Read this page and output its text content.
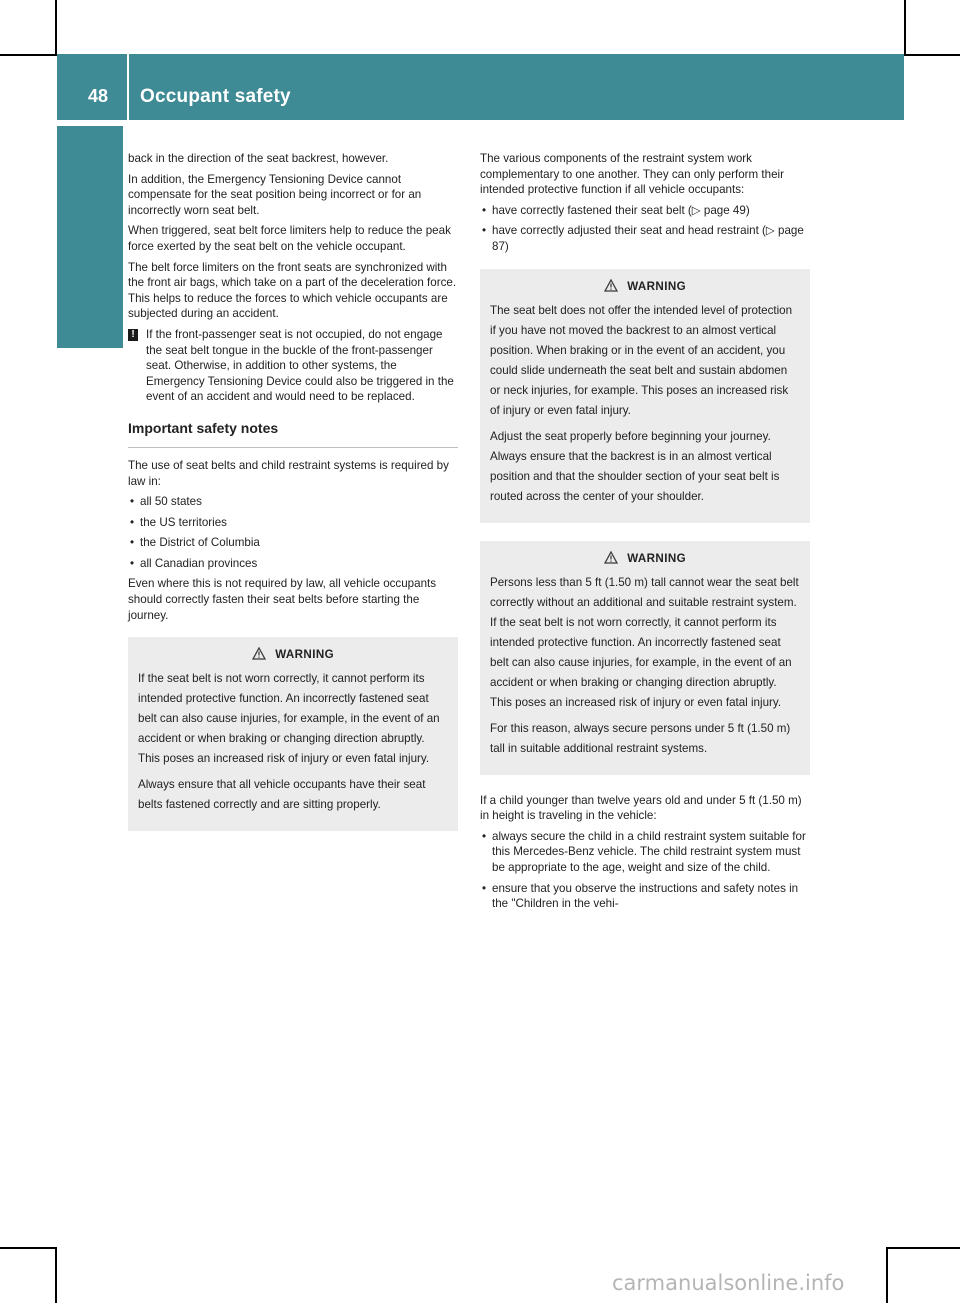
48 Occupant safety
Safety

back in the direction of the seat backrest, however.

In addition, the Emergency Tensioning Device cannot compensate for the seat position being incorrect or for an incorrectly worn seat belt.

When triggered, seat belt force limiters help to reduce the peak force exerted by the seat belt on the vehicle occupant.

The belt force limiters on the front seats are synchronized with the front air bags, which take on a part of the deceleration force. This helps to reduce the forces to which vehicle occupants are subjected during an accident.

! If the front-passenger seat is not occupied, do not engage the seat belt tongue in the buckle of the front-passenger seat. Otherwise, in addition to other systems, the Emergency Tensioning Device could also be triggered in the event of an accident and would need to be replaced.
Important safety notes

The use of seat belts and child restraint systems is required by law in:

• all 50 states
• the US territories
• the District of Columbia
• all Canadian provinces

Even where this is not required by law, all vehicle occupants should correctly fasten their seat belts before starting the journey.

WARNING

If the seat belt is not worn correctly, it cannot perform its intended protective function. An incorrectly fastened seat belt can also cause injuries, for example, in the event of an accident or when braking or changing direction abruptly. This poses an increased risk of injury or even fatal injury.

Always ensure that all vehicle occupants have their seat belts fastened correctly and are sitting properly.

The various components of the restraint system work complementary to one another. They can only perform their intended protective function if all vehicle occupants:

• have correctly fastened their seat belt (▷ page 49)
• have correctly adjusted their seat and head restraint (▷ page 87)
WARNING

The seat belt does not offer the intended level of protection if you have not moved the backrest to an almost vertical position. When braking or in the event of an accident, you could slide underneath the seat belt and sustain abdomen or neck injuries, for example. This poses an increased risk of injury or even fatal injury.

Adjust the seat properly before beginning your journey. Always ensure that the backrest is in an almost vertical position and that the shoulder section of your seat belt is routed across the center of your shoulder.

WARNING

Persons less than 5 ft (1.50 m) tall cannot wear the seat belt correctly without an additional and suitable restraint system. If the seat belt is not worn correctly, it cannot perform its intended protective function. An incorrectly fastened seat belt can also cause injuries, for example, in the event of an accident or when braking or changing direction abruptly. This poses an increased risk of injury or even fatal injury.

For this reason, always secure persons under 5 ft (1.50 m) tall in suitable additional restraint systems.

If a child younger than twelve years old and under 5 ft (1.50 m) in height is traveling in the vehicle:

• always secure the child in a child restraint system suitable for this Mercedes-Benz vehicle. The child restraint system must be appropriate to the age, weight and size of the child.
• ensure that you observe the instructions and safety notes in the "Children in the vehi-
carmanualsonline.info
